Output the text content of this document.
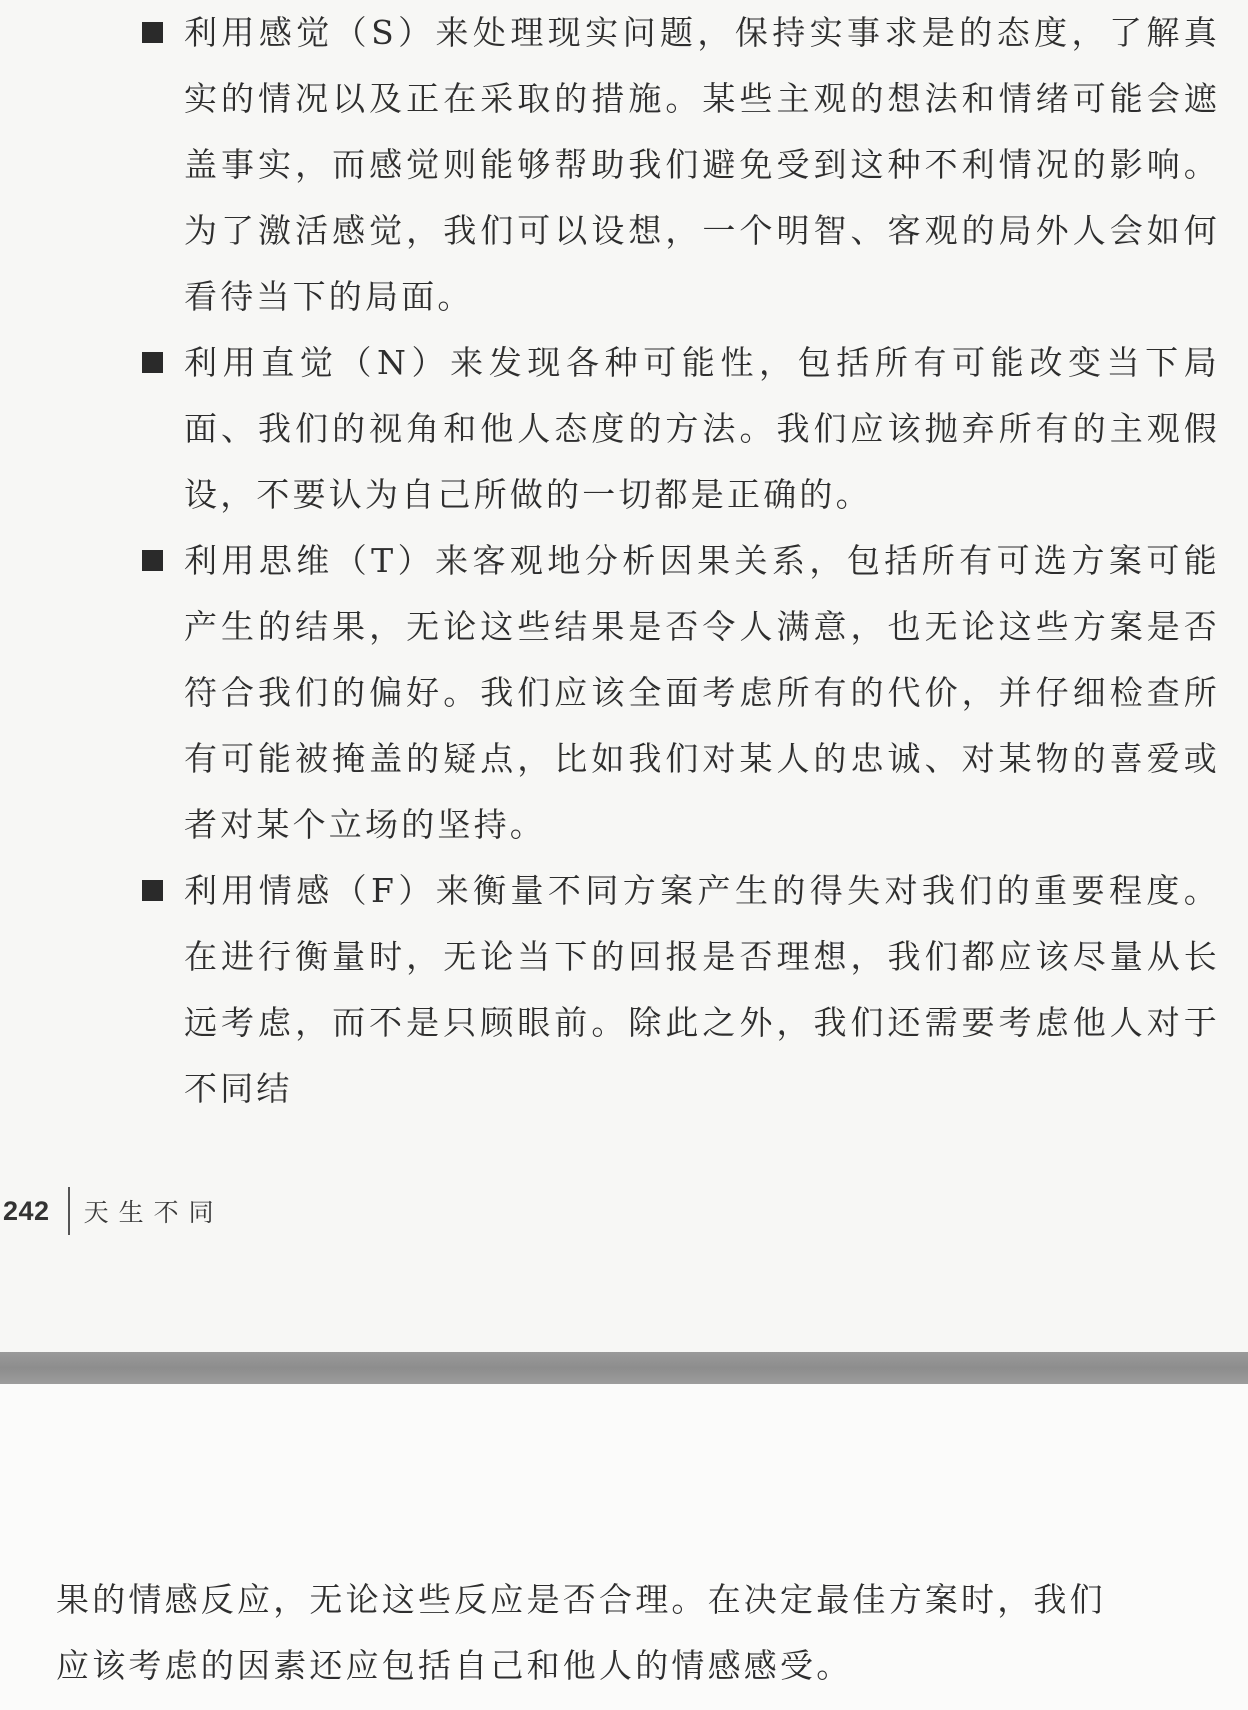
利用感觉（S）来处理现实问题，保持实事求是的态度，了解真实的情况以及正在采取的措施。某些主观的想法和情绪可能会遮盖事实，而感觉则能够帮助我们避免受到这种不利情况的影响。为了激活感觉，我们可以设想，一个明智、客观的局外人会如何看待当下的局面。
利用直觉（N）来发现各种可能性，包括所有可能改变当下局面、我们的视角和他人态度的方法。我们应该抛弃所有的主观假设，不要认为自己所做的一切都是正确的。
利用思维（T）来客观地分析因果关系，包括所有可选方案可能产生的结果，无论这些结果是否令人满意，也无论这些方案是否符合我们的偏好。我们应该全面考虑所有的代价，并仔细检查所有可能被掩盖的疑点，比如我们对某人的忠诚、对某物的喜爱或者对某个立场的坚持。
利用情感（F）来衡量不同方案产生的得失对我们的重要程度。在进行衡量时，无论当下的回报是否理想，我们都应该尽量从长远考虑，而不是只顾眼前。除此之外，我们还需要考虑他人对于不同结
242	天生不同

果的情感反应，无论这些反应是否合理。在决定最佳方案时，我们
应该考虑的因素还应包括自己和他人的情感感受。
